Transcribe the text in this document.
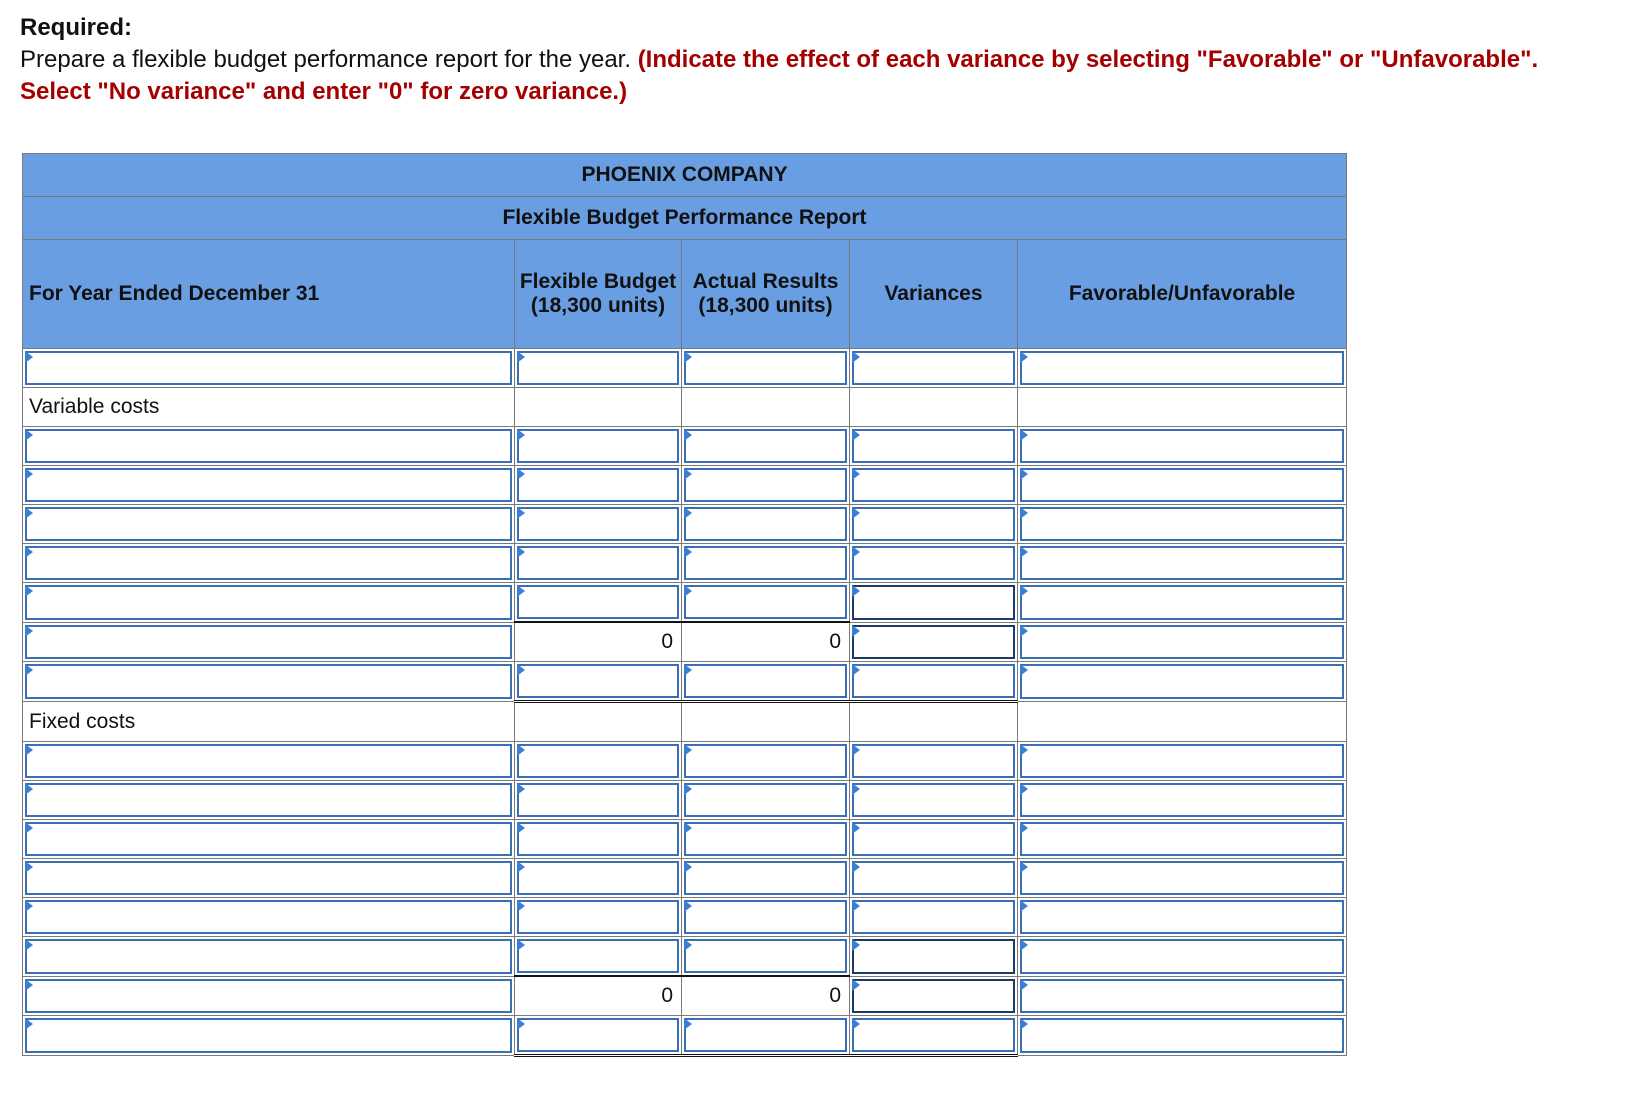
Required:
Prepare a flexible budget performance report for the year. (Indicate the effect of each variance by selecting "Favorable" or "Unfavorable". Select "No variance" and enter "0" for zero variance.)
PHOENIX COMPANY				
Flexible Budget Performance Report				
For Year Ended December 31	Flexible Budget (18,300 units)	Actual Results (18,300 units)	Variances	Favorable/Unfavorable

Variable costs				

	0	0	

Fixed costs				

	0	0	
